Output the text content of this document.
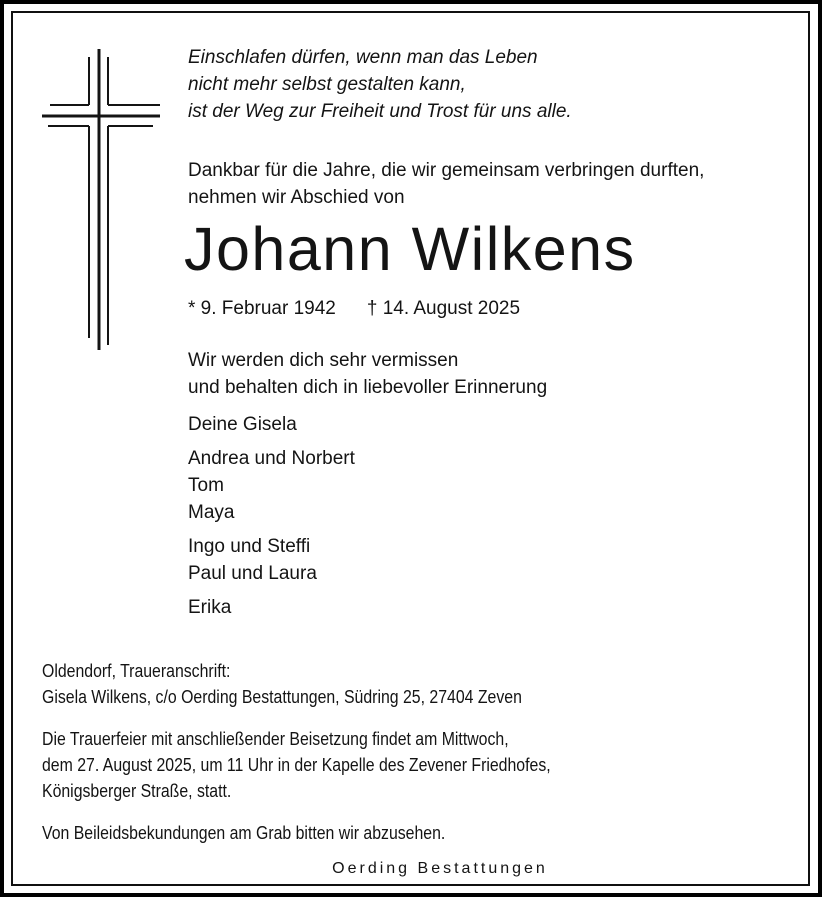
Einschlafen dürfen, wenn man das Leben
nicht mehr selbst gestalten kann,
ist der Weg zur Freiheit und Trost für uns alle.
Dankbar für die Jahre, die wir gemeinsam verbringen durften,
nehmen wir Abschied von
Johann Wilkens
* 9. Februar 1942 † 14. August 2025
Wir werden dich sehr vermissen
und behalten dich in liebevoller Erinnerung
Deine Gisela
Andrea und Norbert
Tom
Maya
Ingo und Steffi
Paul und Laura
Erika
Oldendorf, Traueranschrift:
Gisela Wilkens, c/o Oerding Bestattungen, Südring 25, 27404 Zeven
Die Trauerfeier mit anschließender Beisetzung findet am Mittwoch,
dem 27. August 2025, um 11 Uhr in der Kapelle des Zevener Friedhofes,
Königsberger Straße, statt.
Von Beileidsbekundungen am Grab bitten wir abzusehen.
Oerding Bestattungen
